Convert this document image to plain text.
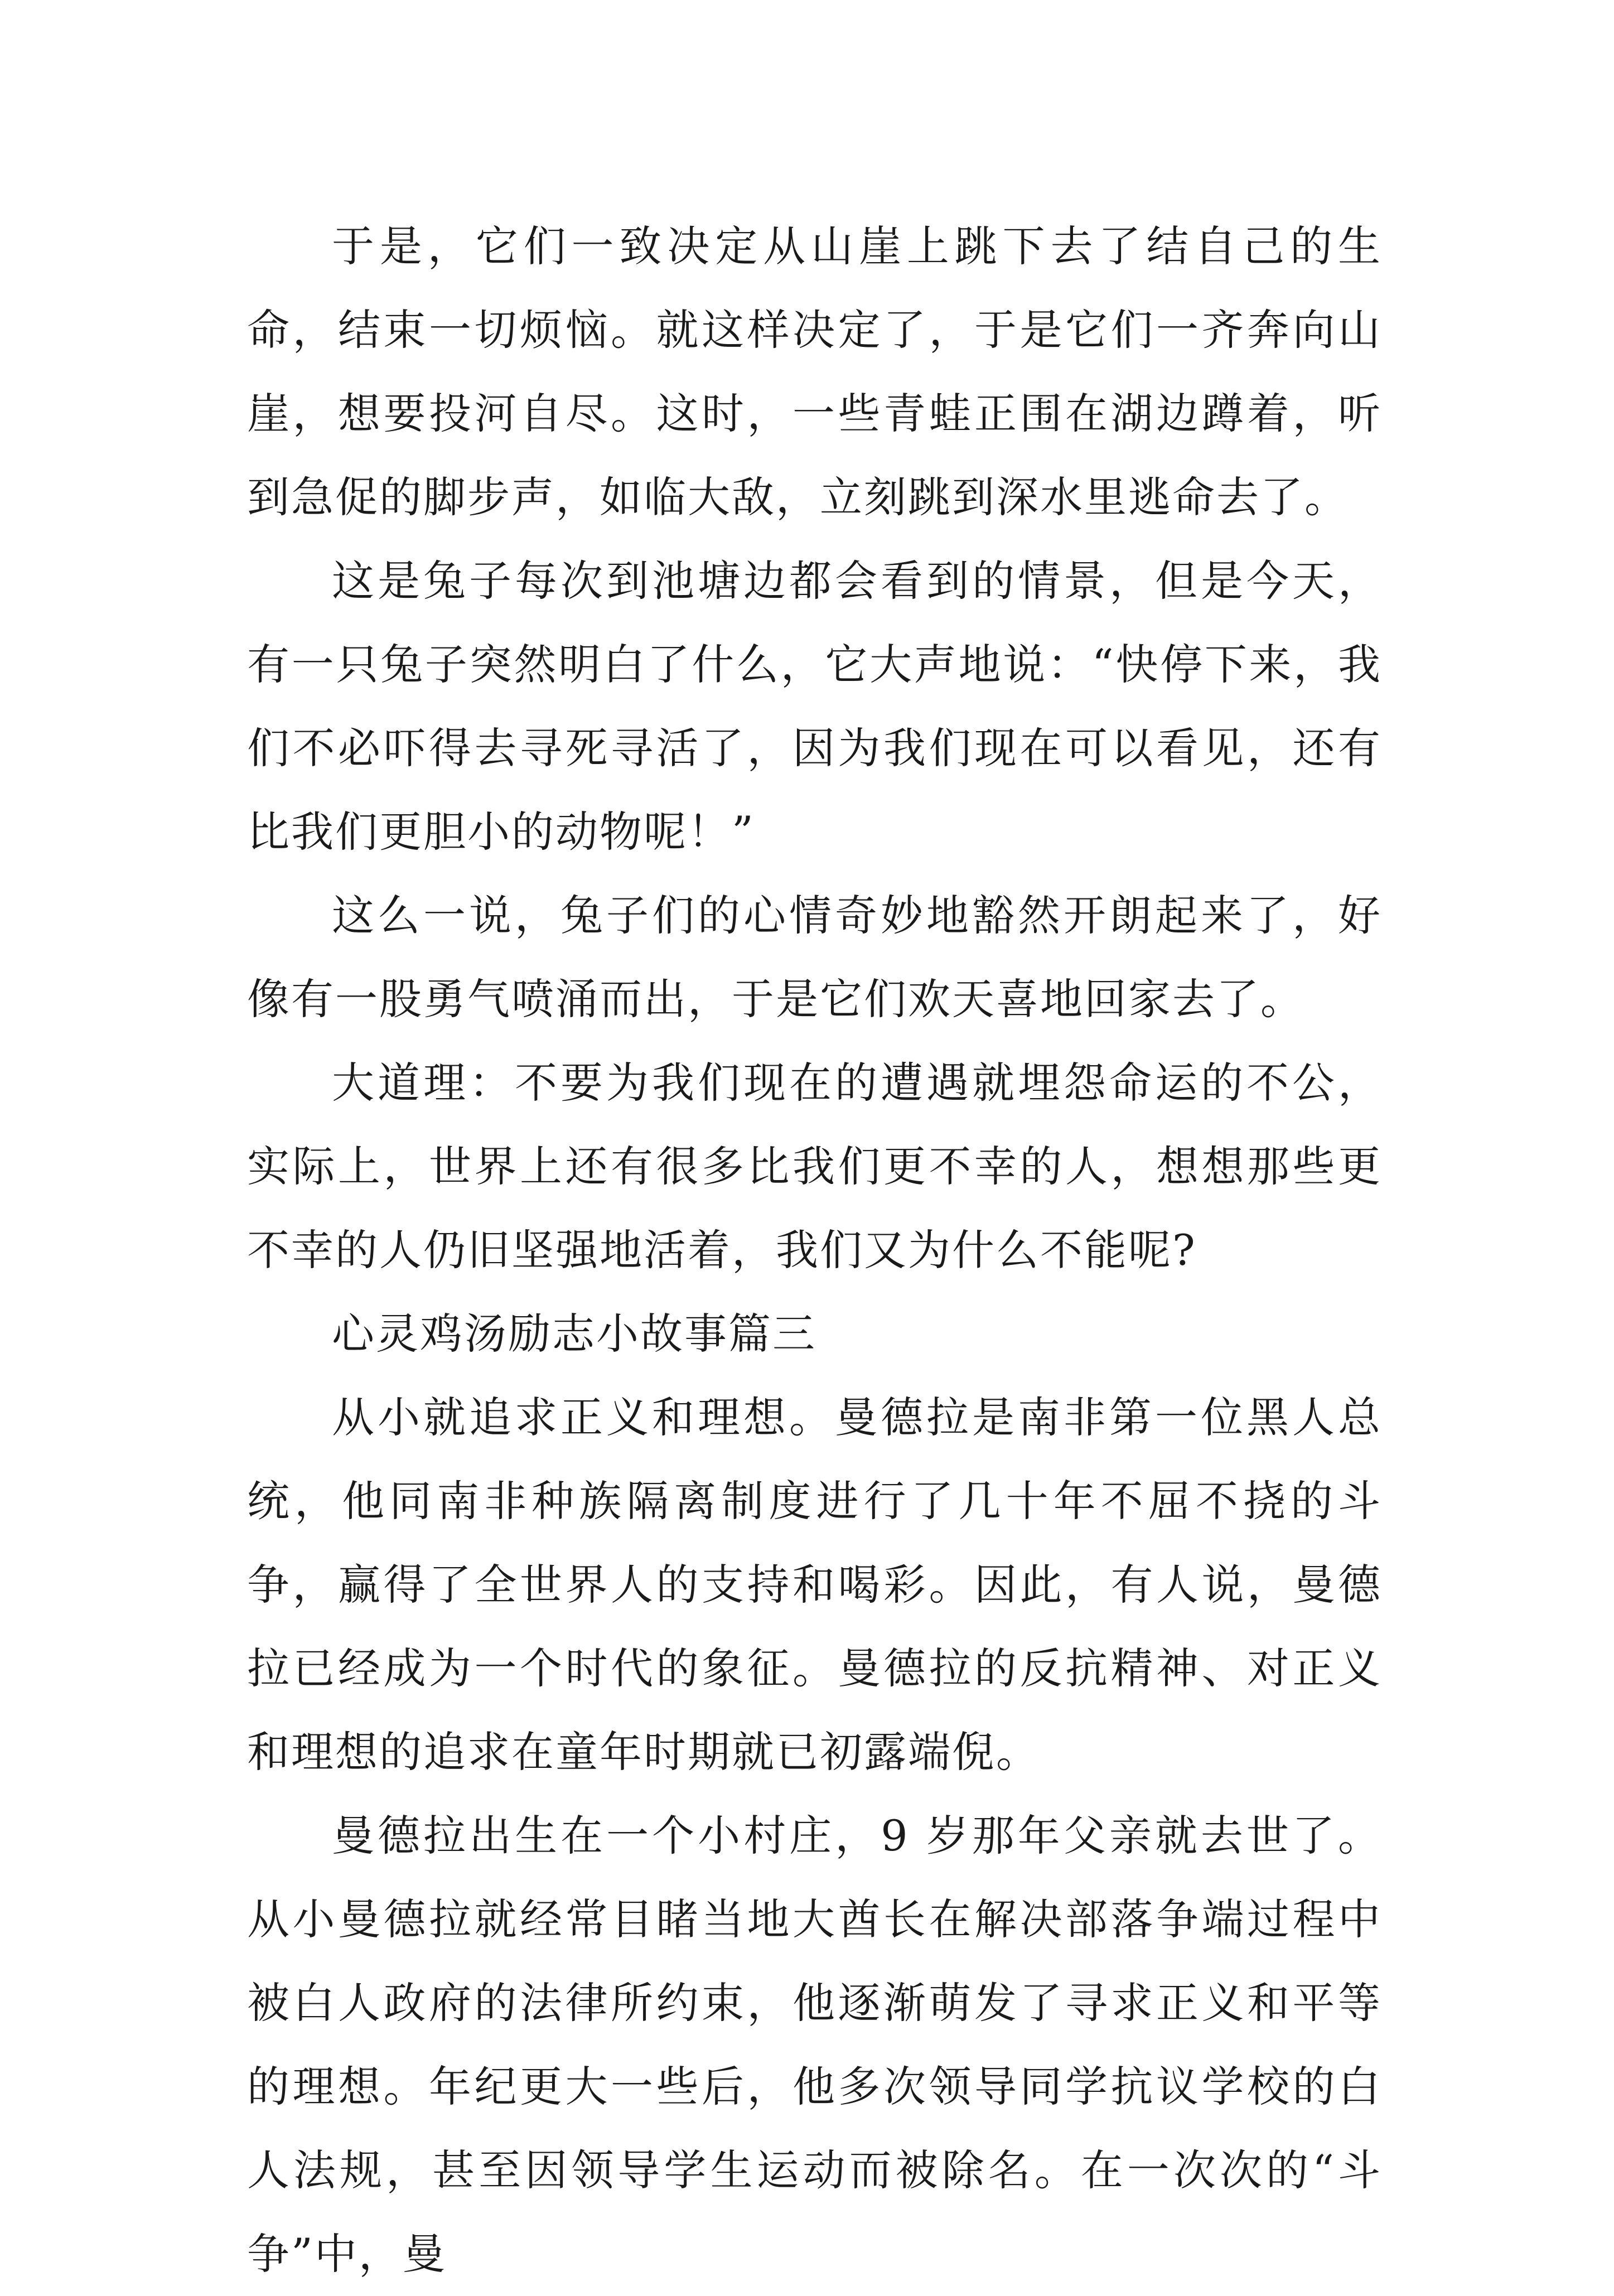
于是，它们一致决定从山崖上跳下去了结自己的生命，结束一切烦恼。就这样决定了，于是它们一齐奔向山崖，想要投河自尽。这时，一些青蛙正围在湖边蹲着，听到急促的脚步声，如临大敌，立刻跳到深水里逃命去了。

这是兔子每次到池塘边都会看到的情景，但是今天，有一只兔子突然明白了什么，它大声地说：“快停下来，我们不必吓得去寻死寻活了，因为我们现在可以看见，还有比我们更胆小的动物呢！”

这么一说，兔子们的心情奇妙地豁然开朗起来了，好像有一股勇气喷涌而出，于是它们欢天喜地回家去了。

大道理：不要为我们现在的遭遇就埋怨命运的不公，实际上，世界上还有很多比我们更不幸的人，想想那些更不幸的人仍旧坚强地活着，我们又为什么不能呢?

心灵鸡汤励志小故事篇三

从小就追求正义和理想。曼德拉是南非第一位黑人总统，他同南非种族隔离制度进行了几十年不屈不挠的斗争，赢得了全世界人的支持和喝彩。因此，有人说，曼德拉已经成为一个时代的象征。曼德拉的反抗精神、对正义和理想的追求在童年时期就已初露端倪。

曼德拉出生在一个小村庄，9 岁那年父亲就去世了。从小曼德拉就经常目睹当地大酋长在解决部落争端过程中被白人政府的法律所约束，他逐渐萌发了寻求正义和平等的理想。年纪更大一些后，他多次领导同学抗议学校的白人法规，甚至因领导学生运动而被除名。在一次次的“斗争”中，曼
